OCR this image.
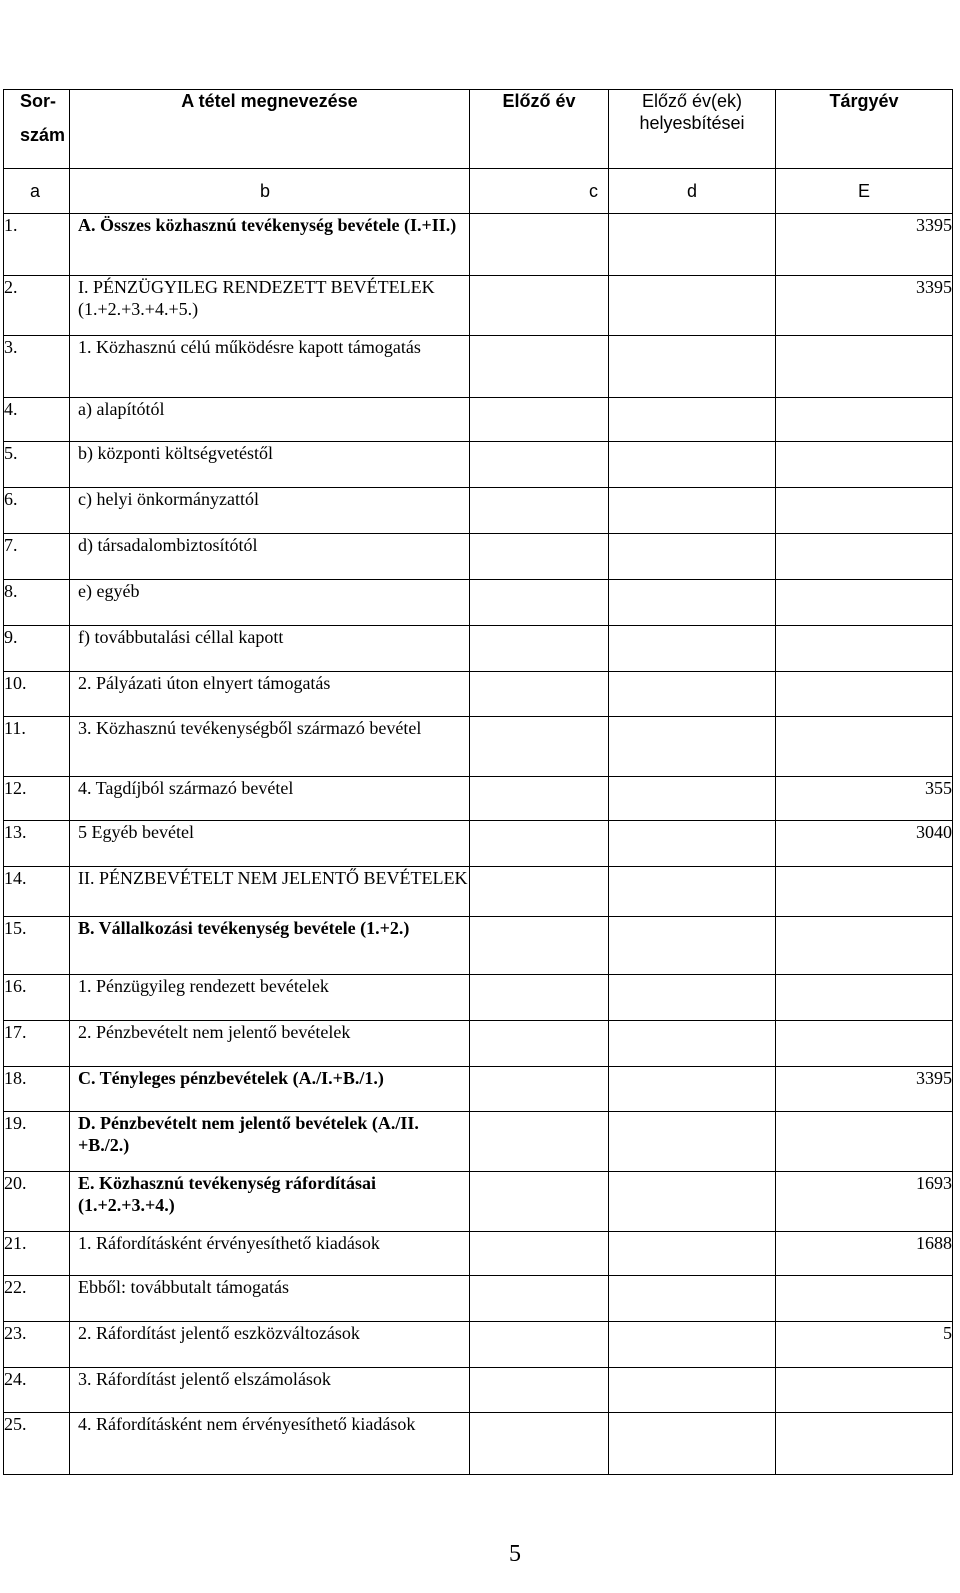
Sor-
szám	A tétel megnevezése	Előző év	Előző év(ek) helyesbítései	Tárgyév
a	b	c	d	E
1.	A. Összes közhasznú tevékenység bevétele (I.+II.)			3395
2.	I. PÉNZÜGYILEG RENDEZETT BEVÉTELEK (1.+2.+3.+4.+5.)			3395
3.	1. Közhasznú célú működésre kapott támogatás			
4.	a) alapítótól			
5.	b) központi költségvetéstől			
6.	c) helyi önkormányzattól			
7.	d) társadalombiztosítótól			
8.	e) egyéb			
9.	f) továbbutalási céllal kapott			
10.	2. Pályázati úton elnyert támogatás			
11.	3. Közhasznú tevékenységből származó bevétel			
12.	4. Tagdíjból származó bevétel			355
13.	5 Egyéb bevétel			3040
14.	II. PÉNZBEVÉTELT NEM JELENTŐ BEVÉTELEK			
15.	B. Vállalkozási tevékenység bevétele (1.+2.)			
16.	1. Pénzügyileg rendezett bevételek			
17.	2. Pénzbevételt nem jelentő bevételek			
18.	C. Tényleges pénzbevételek (A./I.+B./1.)			3395
19.	D. Pénzbevételt nem jelentő bevételek (A./II. +B./2.)			
20.	E. Közhasznú tevékenység ráfordításai (1.+2.+3.+4.)			1693
21.	1. Ráfordításként érvényesíthető kiadások			1688
22.	Ebből: továbbutalt támogatás			
23.	2. Ráfordítást jelentő eszközváltozások			5
24.	3. Ráfordítást jelentő elszámolások			
25.	4. Ráfordításként nem érvényesíthető kiadások			
5
